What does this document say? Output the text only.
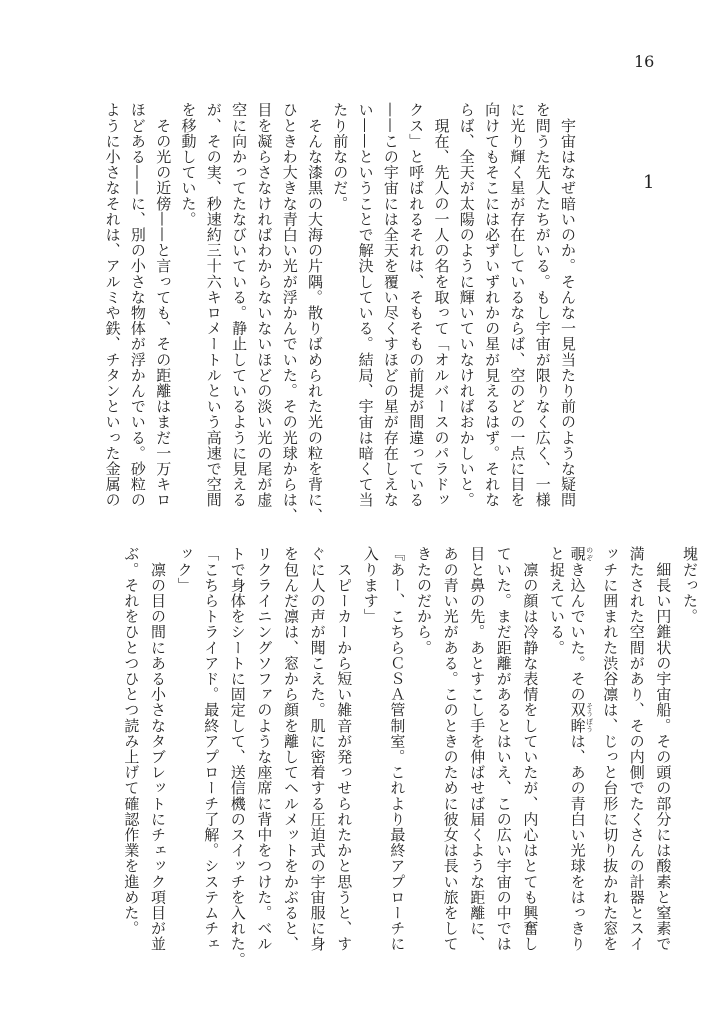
16
1
　宇宙はなぜ暗いのか。そんな一見当たり前のような疑問
を問うた先人たちがいる。もし宇宙が限りなく広く、一様
に光り輝く星が存在しているならば、空のどの一点に目を
向けてもそこには必ずいずれかの星が見えるはず。それな
らば、全天が太陽のように輝いていなければおかしいと。
　現在、先人の一人の名を取って「オルバースのパラドッ
クス」と呼ばれるそれは、そもそもの前提が間違っている
——この宇宙には全天を覆い尽くすほどの星が存在しえな
い——ということで解決している。結局、宇宙は暗くて当
たり前なのだ。
　そんな漆黒の大海の片隅。散りばめられた光の粒を背に、
ひときわ大きな青白い光が浮かんでいた。その光球からは、
目を凝らさなければわからないないほどの淡い光の尾が虚
空に向かってたなびいている。静止しているように見える
が、その実、秒速約三十六キロメートルという高速で空間
を移動していた。
　その光の近傍——と言っても、その距離はまだ一万キロ
ほどある——に、別の小さな物体が浮かんでいる。砂粒の
ように小さなそれは、アルミや鉄、チタンといった金属の
塊だった。
　細長い円錐状の宇宙船。その頭の部分には酸素と窒素で
満たされた空間があり、その内側でたくさんの計器とスイ
ッチに囲まれた渋谷凛は、じっと台形に切り抜かれた窓を
覗 のぞき込んでいた。その双眸 そうぼうは、あの青白い光球をはっきり
と捉えている。
　凛の顔は冷静な表情をしていたが、内心はとても興奮し
ていた。まだ距離があるとはいえ、この広い宇宙の中では
目と鼻の先。あとすこし手を伸ばせば届くような距離に、
あの青い光がある。このときのために彼女は長い旅をして
きたのだから。
『あー、こちらＣＳＡ管制室。これより最終アプローチに
入ります」
　スピーカーから短い雑音が発っせられたかと思うと、す
ぐに人の声が聞こえた。肌に密着する圧迫式の宇宙服に身
を包んだ凛は、窓から顔を離してヘルメットをかぶると、
リクライニングソファのような座席に背中をつけた。ベル
トで身体をシートに固定して、送信機のスイッチを入れた。
「こちらトライアド。最終アプローチ了解。システムチェ
ック」
　凛の目の間にある小さなタブレットにチェック項目が並
ぶ。それをひとつひとつ読み上げて確認作業を進めた。
